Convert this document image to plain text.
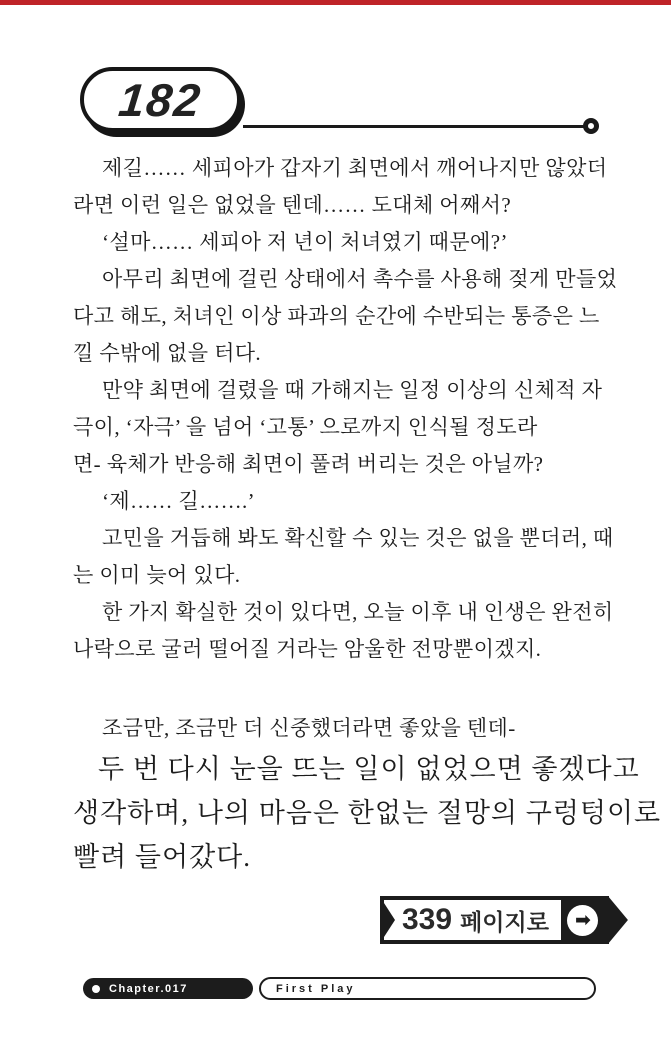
182
제길…… 세피아가 갑자기 최면에서 깨어나지만 않았더
라면 이런 일은 없었을 텐데…… 도대체 어째서?
‘설마…… 세피아 저 년이 처녀였기 때문에?’
아무리 최면에 걸린 상태에서 촉수를 사용해 젖게 만들었
다고 해도, 처녀인 이상 파과의 순간에 수반되는 통증은 느
낄 수밖에 없을 터다.
만약 최면에 걸렸을 때 가해지는 일정 이상의 신체적 자
극이, ‘자극’ 을 넘어 ‘고통’ 으로까지 인식될 정도라
면- 육체가 반응해 최면이 풀려 버리는 것은 아닐까?
‘제…… 길…….’
고민을 거듭해 봐도 확신할 수 있는 것은 없을 뿐더러, 때
는 이미 늦어 있다.
한 가지 확실한 것이 있다면, 오늘 이후 내 인생은 완전히
나락으로 굴러 떨어질 거라는 암울한 전망뿐이겠지.
조금만, 조금만 더 신중했더라면 좋았을 텐데-
두 번 다시 눈을 뜨는 일이 없었으면 좋겠다고
생각하며, 나의 마음은 한없는 절망의 구렁텅이로
빨려 들어갔다.
339 페이지로	➡
Chapter.017	First Play
